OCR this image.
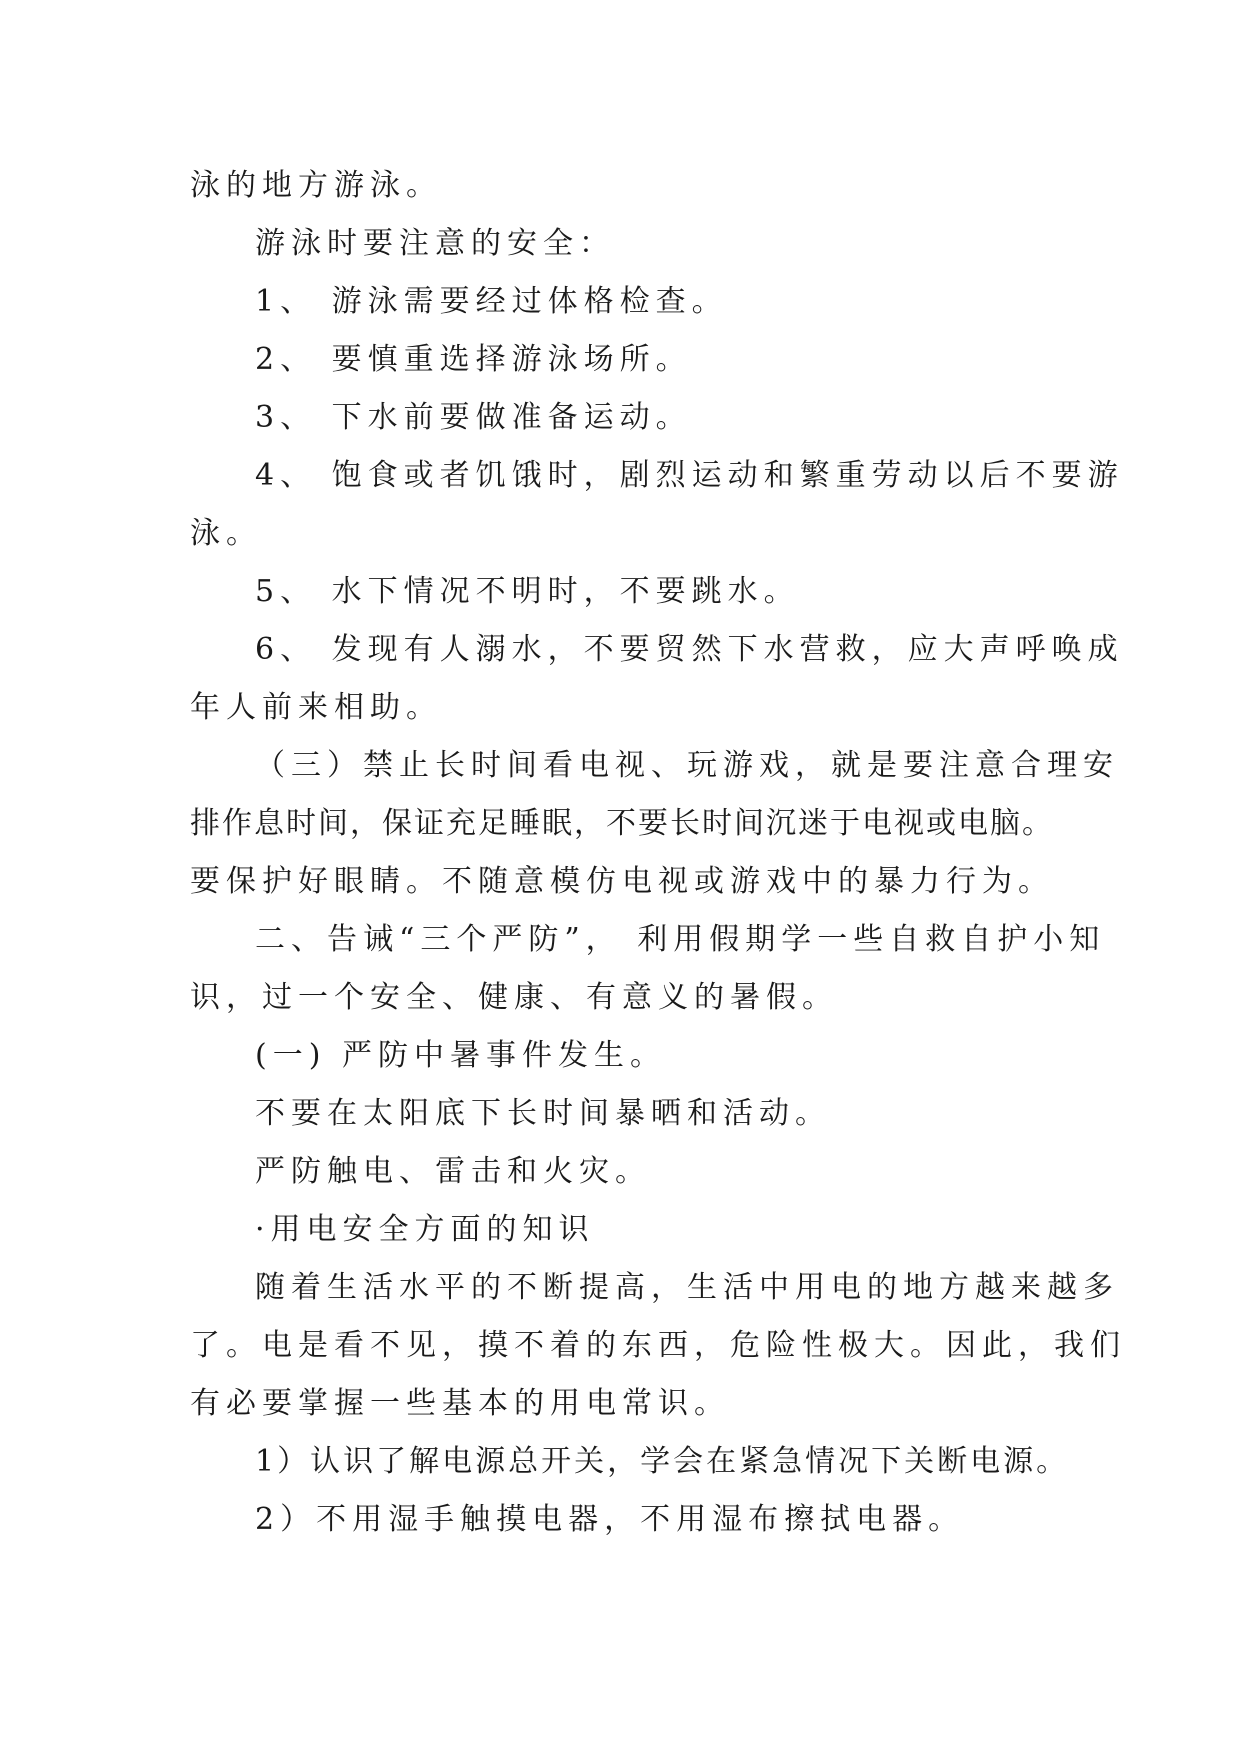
泳的地方游泳。
游泳时要注意的安全：
1、 游泳需要经过体格检查。
2、 要慎重选择游泳场所。
3、 下水前要做准备运动。
4、 饱食或者饥饿时，剧烈运动和繁重劳动以后不要游
泳。
5、 水下情况不明时，不要跳水。
6、 发现有人溺水，不要贸然下水营救，应大声呼唤成
年人前来相助。
（三）禁止长时间看电视、玩游戏，就是要注意合理安
排作息时间，保证充足睡眠，不要长时间沉迷于电视或电脑。
要保护好眼睛。不随意模仿电视或游戏中的暴力行为。
二、告诫“三个严防”， 利用假期学一些自救自护小知
识，过一个安全、健康、有意义的暑假。
(一) 严防中暑事件发生。
不要在太阳底下长时间暴晒和活动。
严防触电、雷击和火灾。
·用电安全方面的知识
随着生活水平的不断提高，生活中用电的地方越来越多
了。电是看不见，摸不着的东西，危险性极大。因此，我们
有必要掌握一些基本的用电常识。
1）认识了解电源总开关，学会在紧急情况下关断电源。
2）不用湿手触摸电器，不用湿布擦拭电器。
